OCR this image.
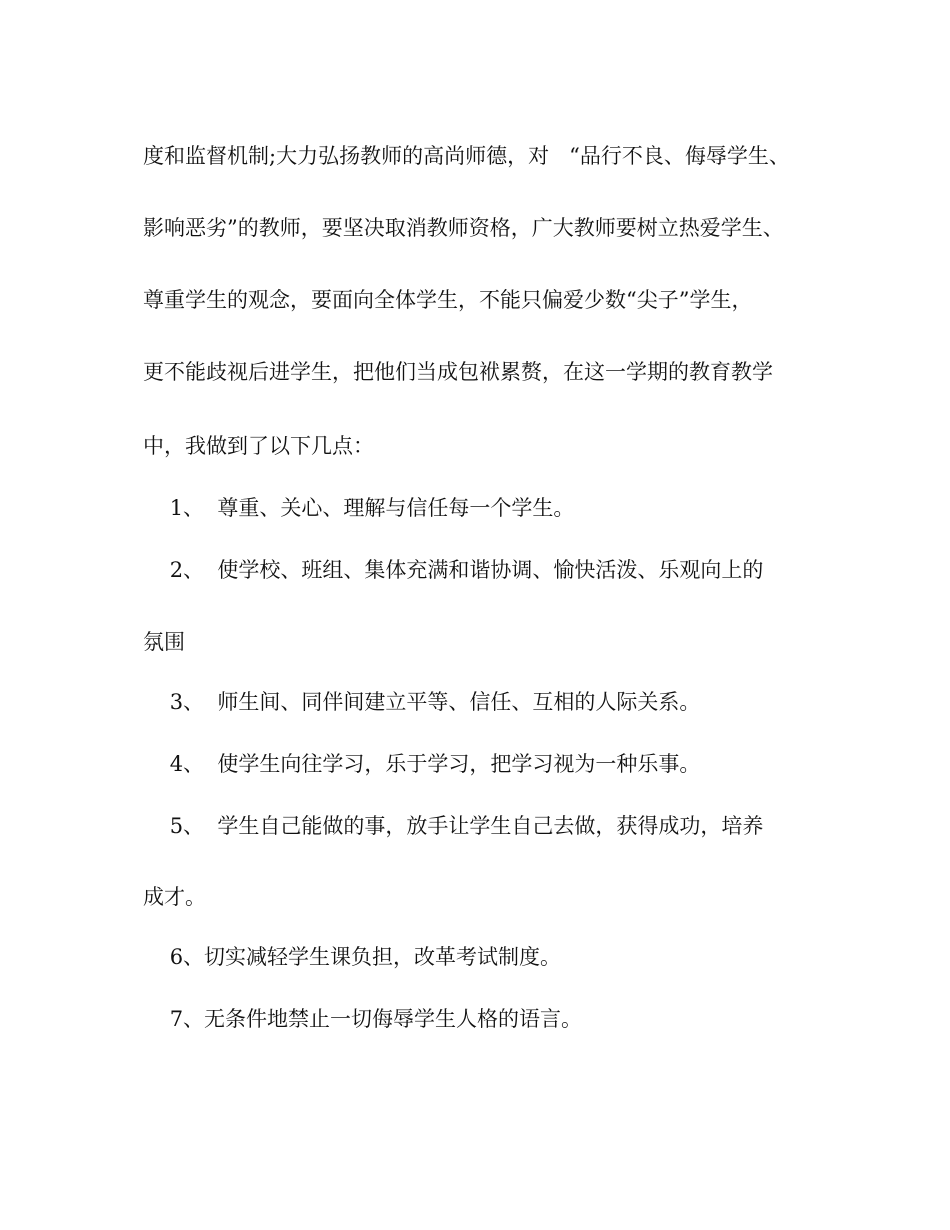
度和监督机制;大力弘扬教师的高尚师德，对   “品行不良、侮辱学生、
影响恶劣”的教师，要坚决取消教师资格，广大教师要树立热爱学生、
尊重学生的观念，要面向全体学生，不能只偏爱少数“尖子”学生，
更不能歧视后进学生，把他们当成包袱累赘，在这一学期的教育教学
中，我做到了以下几点：
1、  尊重、关心、理解与信任每一个学生。
2、  使学校、班组、集体充满和谐协调、愉快活泼、乐观向上的
氛围
3、  师生间、同伴间建立平等、信任、互相的人际关系。
4、  使学生向往学习，乐于学习，把学习视为一种乐事。
5、  学生自己能做的事，放手让学生自己去做，获得成功，培养
成才。
6、切实减轻学生课负担，改革考试制度。
7、无条件地禁止一切侮辱学生人格的语言。
